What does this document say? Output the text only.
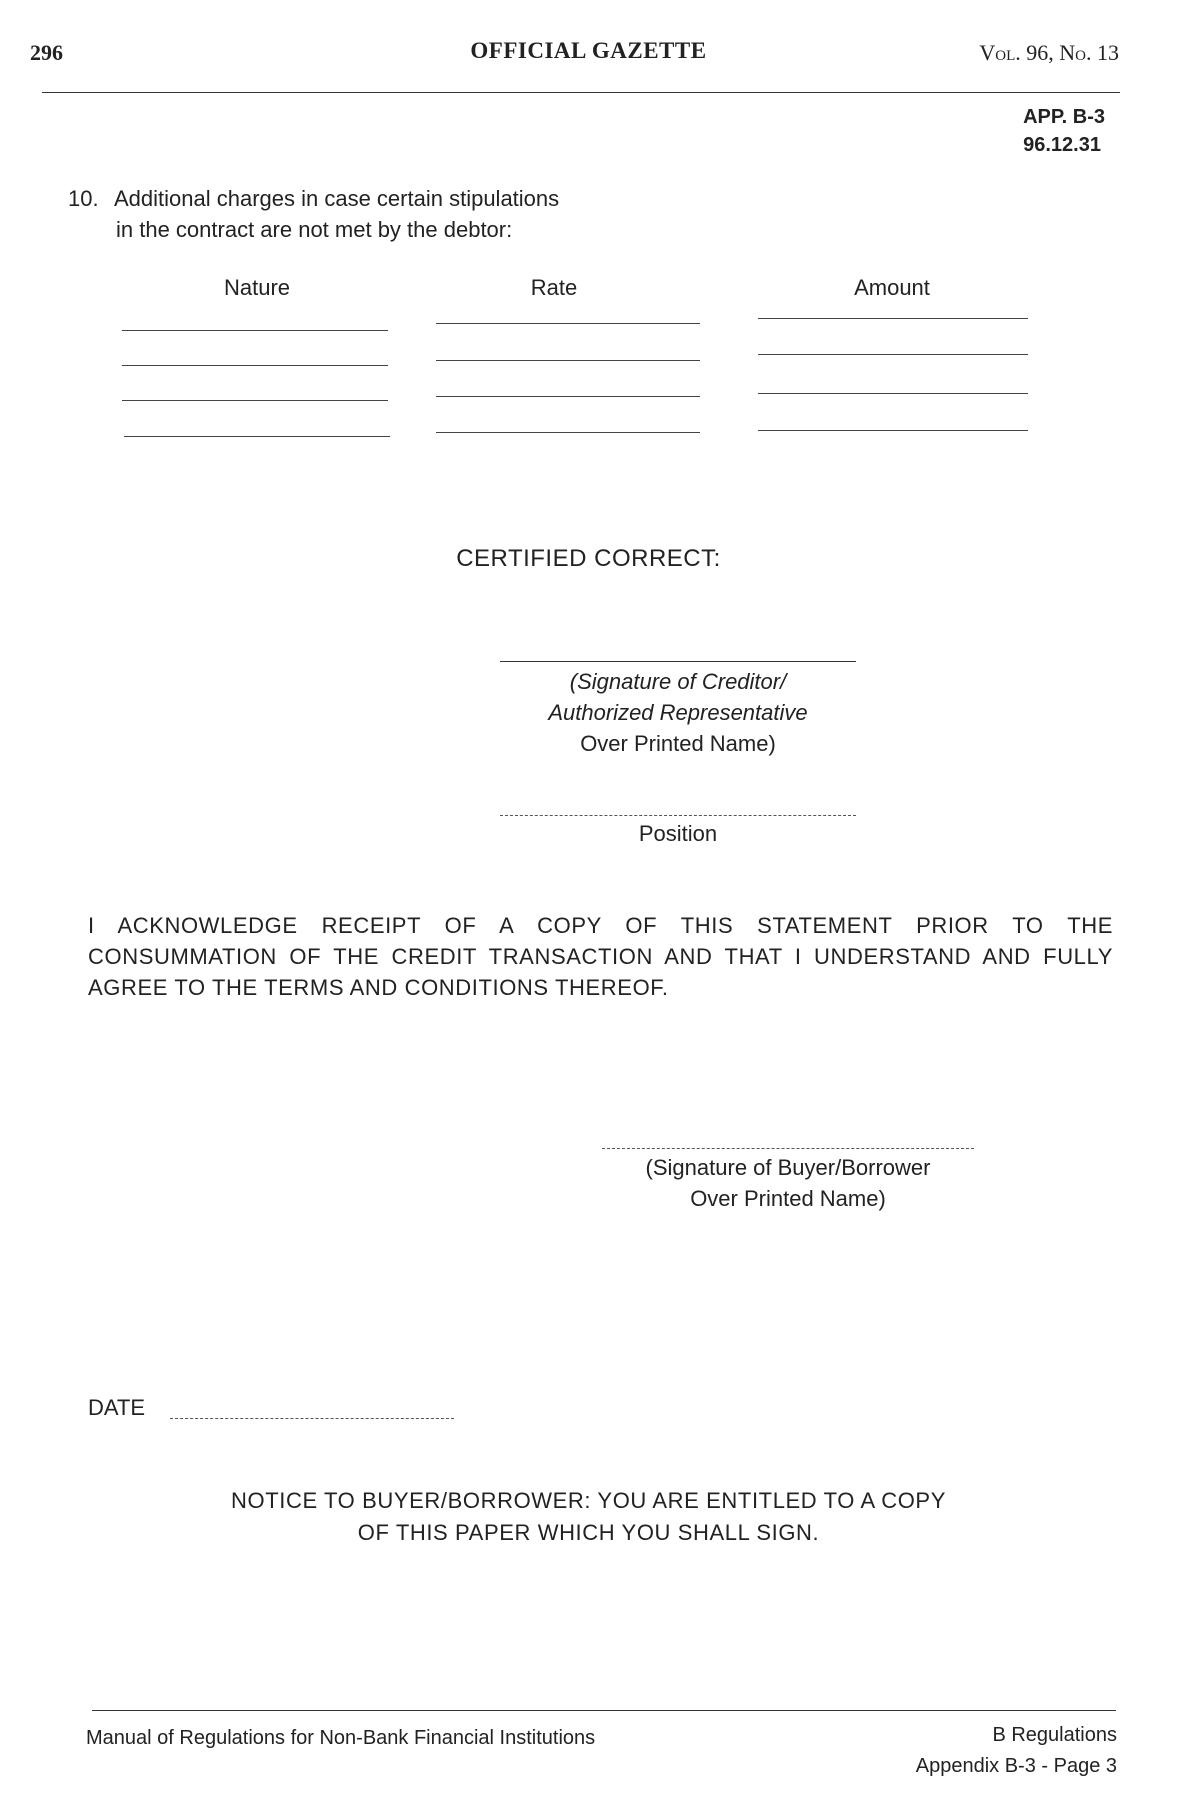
296	OFFICIAL GAZETTE	Vol. 96, No. 13
APP. B-3
96.12.31
10. Additional charges in case certain stipulations
in the contract are not met by the debtor:
Nature	Rate	Amount
CERTIFIED CORRECT:
(Signature of Creditor/
Authorized Representative
Over Printed Name)
Position
I ACKNOWLEDGE RECEIPT OF A COPY OF THIS STATEMENT PRIOR TO THE CONSUMMATION OF THE CREDIT TRANSACTION AND THAT I UNDERSTAND AND FULLY AGREE TO THE TERMS AND CONDITIONS THEREOF.
(Signature of Buyer/Borrower
Over Printed Name)
DATE
NOTICE TO BUYER/BORROWER: YOU ARE ENTITLED TO A COPY
OF THIS PAPER WHICH YOU SHALL SIGN.
Manual of Regulations for Non-Bank Financial Institutions	B Regulations
Appendix B-3 - Page 3
